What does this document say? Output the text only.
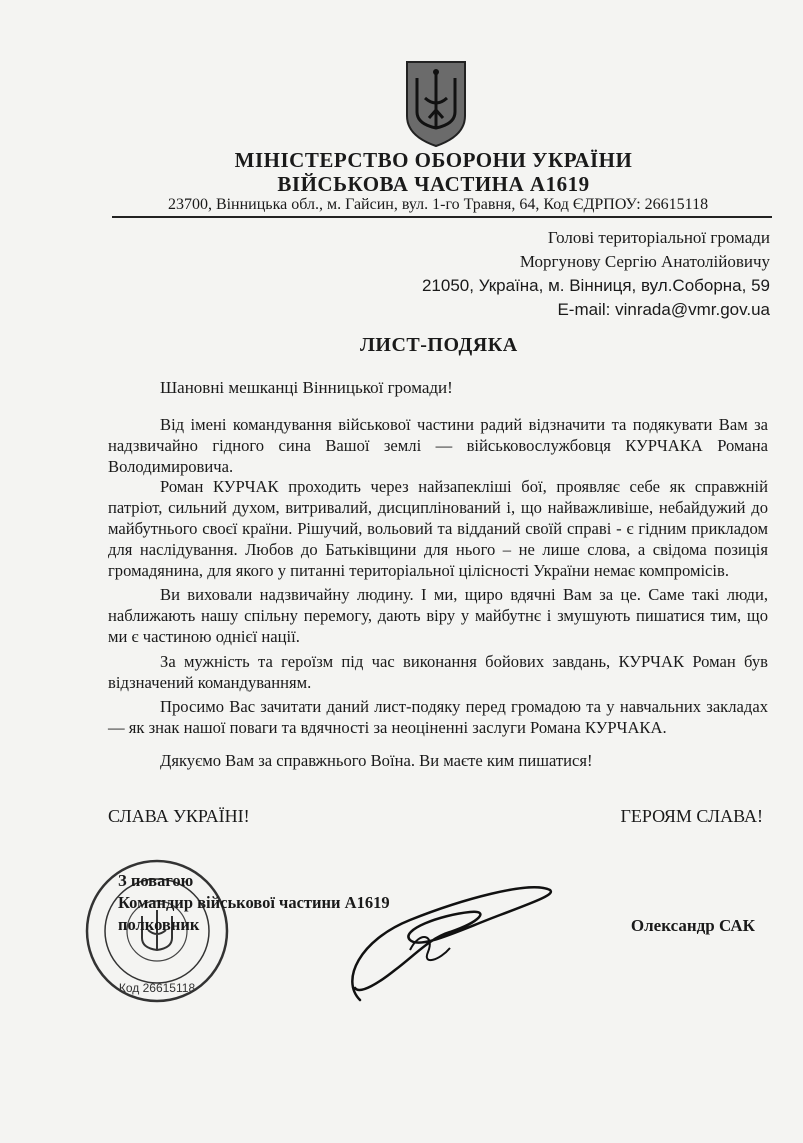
МІНІСТЕРСТВО ОБОРОНИ УКРАЇНИ
ВІЙСЬКОВА ЧАСТИНА А1619
23700, Вінницька обл., м. Гайсин, вул. 1-го Травня, 64, Код ЄДРПОУ: 26615118
Голові територіальної громади
Моргунову Сергію Анатолійовичу
21050, Україна, м. Вінниця, вул.Соборна, 59
E-mail: vinrada@vmr.gov.ua
ЛИСТ-ПОДЯКА
Шановні мешканці Вінницької громади!

Від імені командування військової частини радий відзначити та подякувати Вам за надзвичайно гідного сина Вашої землі — військовослужбовця КУРЧАКА Романа Володимировича.

Роман КУРЧАК проходить через найзапекліші бої, проявляє себе як справжній патріот, сильний духом, витривалий, дисциплінований і, що найважливіше, небайдужий до майбутнього своєї країни. Рішучий, вольовий та відданий своїй справі - є гідним прикладом для наслідування. Любов до Батьківщини для нього – не лише слова, а свідома позиція громадянина, для якого у питанні територіальної цілісності України немає компромісів.

Ви виховали надзвичайну людину. І ми, щиро вдячні Вам за це. Саме такі люди, наближають нашу спільну перемогу, дають віру у майбутнє і змушують пишатися тим, що ми є частиною однієї нації.

За мужність та героїзм під час виконання бойових завдань, КУРЧАК Роман був відзначений командуванням.

Просимо Вас зачитати даний лист-подяку перед громадою та у навчальних закладах — як знак нашої поваги та вдячності за неоціненні заслуги Романа КУРЧАКА.

Дякуємо Вам за справжнього Воїна. Ви маєте ким пишатися!

СЛАВА УКРАЇНІ!	ГЕРОЯМ СЛАВА!
Код 26615118
З повагою
Командир військової частини А1619
полковник	Олександр САК
